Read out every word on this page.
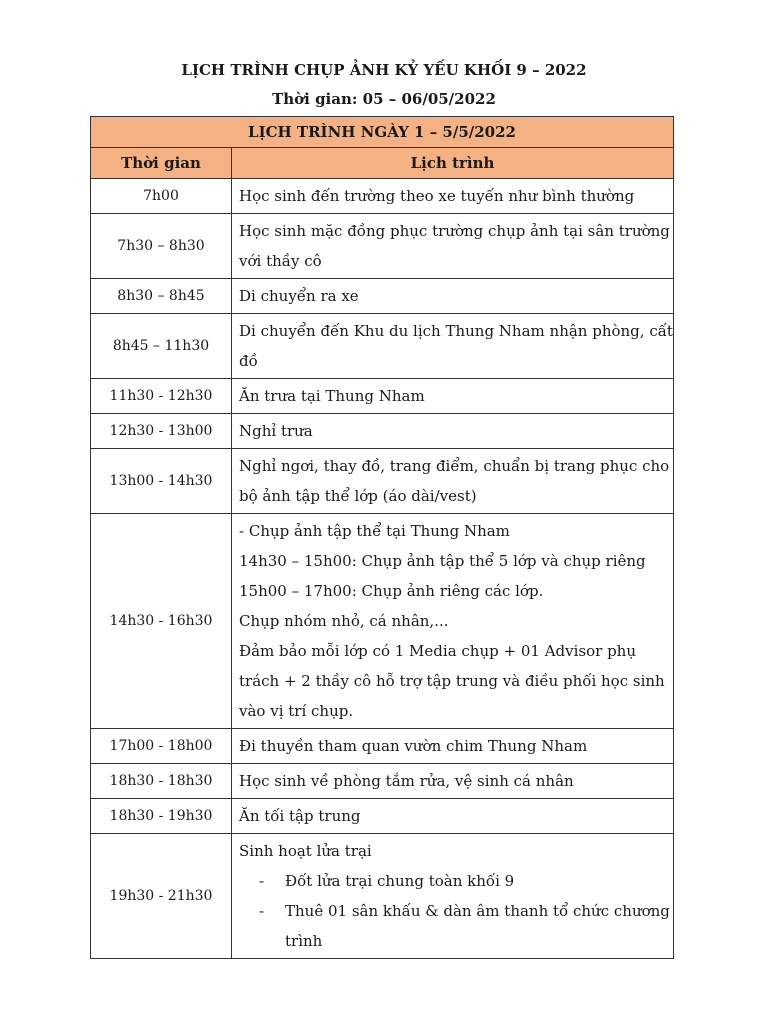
LỊCH TRÌNH CHỤP ẢNH KỶ YẾU KHỐI 9 – 2022
Thời gian: 05 – 06/05/2022
LỊCH TRÌNH NGÀY 1 – 5/5/2022	
Thời gian	Lịch trình
7h00	Học sinh đến trường theo xe tuyến như bình thường

7h30 – 8h30	Học sinh mặc đồng phục trường chụp ảnh tại sân trường với thầy cô

8h30 – 8h45	Di chuyển ra xe

8h45 – 11h30	Di chuyển đến Khu du lịch Thung Nham nhận phòng, cất đồ

11h30 - 12h30	Ăn trưa tại Thung Nham

12h30 - 13h00	Nghỉ trưa

13h00 - 14h30	Nghỉ ngơi, thay đồ, trang điểm, chuẩn bị trang phục cho bộ ảnh tập thể lớp (áo dài/vest)

14h30 - 16h30	- Chụp ảnh tập thể tại Thung Nham
14h30 – 15h00: Chụp ảnh tập thể 5 lớp và chụp riêng
15h00 – 17h00: Chụp ảnh riêng các lớp.
Chụp nhóm nhỏ, cá nhân,...
Đảm bảo mỗi lớp có 1 Media chụp + 01 Advisor phụ trách + 2 thầy cô hỗ trợ tập trung và điều phối học sinh vào vị trí chụp.

17h00 - 18h00	Đi thuyền tham quan vườn chim Thung Nham

18h30 - 18h30	Học sinh về phòng tắm rửa, vệ sinh cá nhân

18h30 - 19h30	Ăn tối tập trung

19h30 - 21h30	Sinh hoạt lửa trại
- Đốt lửa trại chung toàn khối 9
- Thuê 01 sân khấu & dàn âm thanh tổ chức chương trình
